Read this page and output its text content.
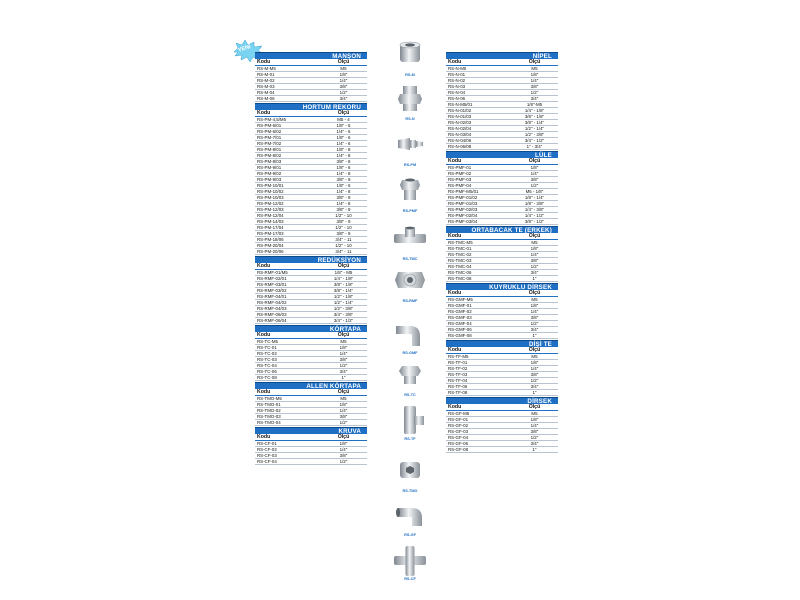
YENİ
MANŞON
Kodu	Ölçü
RS-M-M5	M5
RS-M-01	1/8"
RS-M-02	1/4"
RS-M-03	3/8"
RS-M-04	1/2"
RS-M-06	3/4"
HORTUM REKORU
Kodu	Ölçü
RS-PM-4,5/M5	M5 - 4
RS-PM-6/01	1/8" - 6
RS-PM-6/02	1/4" - 6
RS-PM-7/01	1/8" - 6
RS-PM-7/02	1/4" - 6
RS-PM-8/01	1/8" - 8
RS-PM-8/02	1/4" - 8
RS-PM-8/03	3/8" - 8
RS-PM-9/01	1/8" - 6
RS-PM-9/02	1/4" - 8
RS-PM-9/03	3/8" - 9
RS-PM-10/01	1/8" - 6
RS-PM-10/02	1/4" - 8
RS-PM-10/03	3/8" - 9
RS-PM-12/02	1/4" - 8
RS-PM-12/03	3/8" - 9
RS-PM-12/04	1/2" - 10
RS-PM-14/03	3/8" - 9
RS-PM-17/04	1/2" - 10
RS-PM-17/03	3/8" - 9
RS-PM-18/06	3/4" - 11
RS-PM-20/04	1/2" - 10
RS-PM-20/06	3/4" - 11
REDÜKSİYON
Kodu	Ölçü
RS-RMF-01/M5	1/8" - M5
RS-RMF-02/01	1/4" - 1/8"
RS-RMF-03/01	3/8" - 1/8"
RS-RMF-03/02	3/8" - 1/4"
RS-RMF-04/01	1/2" - 1/8"
RS-RMF-04/02	1/2" - 1/4"
RS-RMF-04/03	1/2" - 3/8"
RS-RMF-06/03	3/4" - 3/8"
RS-RMF-06/04	3/4" - 1/2"
KÖRTAPA
Kodu	Ölçü
RS-TC-M5	M5
RS-TC-01	1/8"
RS-TC-02	1/4"
RS-TC-03	3/8"
RS-TC-04	1/2"
RS-TC-06	3/4"
RS-TC-08	1"
ALLEN KÖRTAPA
Kodu	Ölçü
RS-TMO-M5	M5
RS-TMO-01	1/8"
RS-TMO-02	1/4"
RS-TMO-03	3/8"
RS-TMO-04	1/2"
KRUVA
Kodu	Ölçü
RS-CF-01	1/8"
RS-CF-02	1/4"
RS-CF-03	3/8"
RS-CF-04	1/2"
NİPEL
Kodu	Ölçü
RS-N-M5	M5
RS-N-01	1/8"
RS-N-02	1/4"
RS-N-03	3/8"
RS-N-04	1/2"
RS-N-06	3/4"
RS-N-M5/01	1/8"-M5
RS-N-01/02	1/4" - 1/8"
RS-N-01/03	3/8" - 1/8"
RS-N-02/03	3/8" - 1/4"
RS-N-02/04	1/2" - 1/4"
RS-N-03/04	1/2" - 3/8"
RS-N-04/06	3/4" - 1/2"
RS-N-06/08	1" - 3/4"
LÜLE
Kodu	Ölçü
RS-PMF-01	1/8"
RS-PMF-02	1/4"
RS-PMF-03	3/8"
RS-PMF-04	1/2"
RS-PMF-M5/01	M5 - 1/8"
RS-PMF-01/02	1/8" - 1/4"
RS-PMF-01/03	1/8" - 3/8"
RS-PMF-02/03	1/4" - 3/8"
RS-PMF-02/04	1/4" - 1/2"
RS-PMF-03/04	3/8" - 1/2"
ORTABACAK TE (ERKEK)
Kodu	Ölçü
RS-TMC-M5	M5
RS-TMC-01	1/8"
RS-TMC-02	1/4"
RS-TMC-03	3/8"
RS-TMC-04	1/2"
RS-TMC-06	3/4"
RS-TMC-08	1"
KUYRUKLU DİRSEK
Kodu	Ölçü
RS-GMF-M5	M5
RS-GMF-01	1/8"
RS-GMF-02	1/4"
RS-GMF-03	3/8"
RS-GMF-04	1/2"
RS-GMF-06	3/4"
RS-GMF-08	1"
DİŞİ TE
Kodu	Ölçü
RS-TF-M5	M5
RS-TF-01	1/8"
RS-TF-02	1/4"
RS-TF-03	3/8"
RS-TF-04	1/2"
RS-TF-06	3/4"
RS-TF-08	1"
DİRSEK
Kodu	Ölçü
RS-GF-M5	M5
RS-GF-01	1/8"
RS-GF-02	1/4"
RS-GF-03	3/8"
RS-GF-04	1/2"
RS-GF-06	3/4"
RS-GF-08	1"
RS-M
RS-N
RS-PM
RS-PMF
RS-TMC
RS-RMF
RS-GMF
RS-TC
RS-TF
RS-TMO
RS-GF
RS-CF
